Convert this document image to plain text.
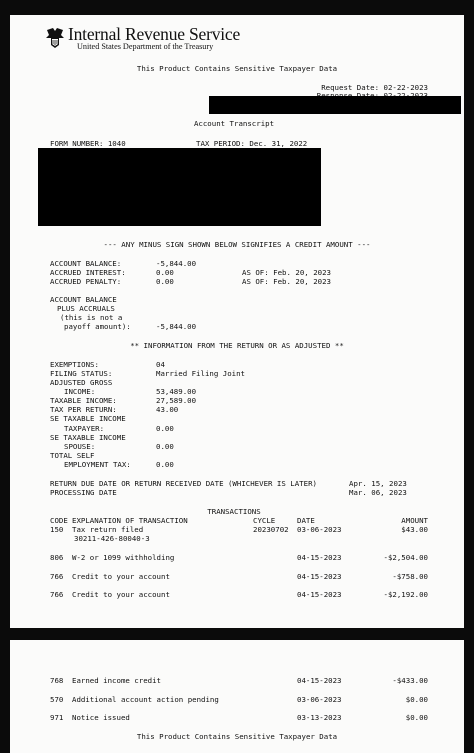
Internal Revenue Service
United States Department of the Treasury
This Product Contains Sensitive Taxpayer Data
Request Date: 02-22-2023
Account Transcript
FORM NUMBER: 1040	TAX PERIOD: Dec. 31, 2022
--- ANY MINUS SIGN SHOWN BELOW SIGNIFIES A CREDIT AMOUNT ---
ACCOUNT BALANCE:	-5,844.00
ACCRUED INTEREST:	0.00	AS OF: Feb. 20, 2023
ACCRUED PENALTY:	0.00	AS OF: Feb. 20, 2023
ACCOUNT BALANCE
PLUS ACCRUALS
(this is not a
payoff amount):	-5,844.00
** INFORMATION FROM THE RETURN OR AS ADJUSTED **
EXEMPTIONS:	04
FILING STATUS:	Married Filing Joint
ADJUSTED GROSS
INCOME:	53,489.00
TAXABLE INCOME:	27,589.00
TAX PER RETURN:	43.00
SE TAXABLE INCOME
TAXPAYER:	0.00
SE TAXABLE INCOME
SPOUSE:	0.00
TOTAL SELF
EMPLOYMENT TAX:	0.00
RETURN DUE DATE OR RETURN RECEIVED DATE (WHICHEVER IS LATER)	Apr. 15, 2023
PROCESSING DATE	Mar. 06, 2023
TRANSACTIONS
CODE EXPLANATION OF TRANSACTION	CYCLE	DATE	AMOUNT
150 Tax return filed
30211-426-80040-3
20230702 03-06-2023	$43.00
806 W-2 or 1099 withholding	04-15-2023	-$2,504.00
766 Credit to your account	04-15-2023	-$758.00
766 Credit to your account	04-15-2023	-$2,192.00
768 Earned income credit	04-15-2023	-$433.00
570 Additional account action pending	03-06-2023	$0.00
971 Notice issued	03-13-2023	$0.00
This Product Contains Sensitive Taxpayer Data
